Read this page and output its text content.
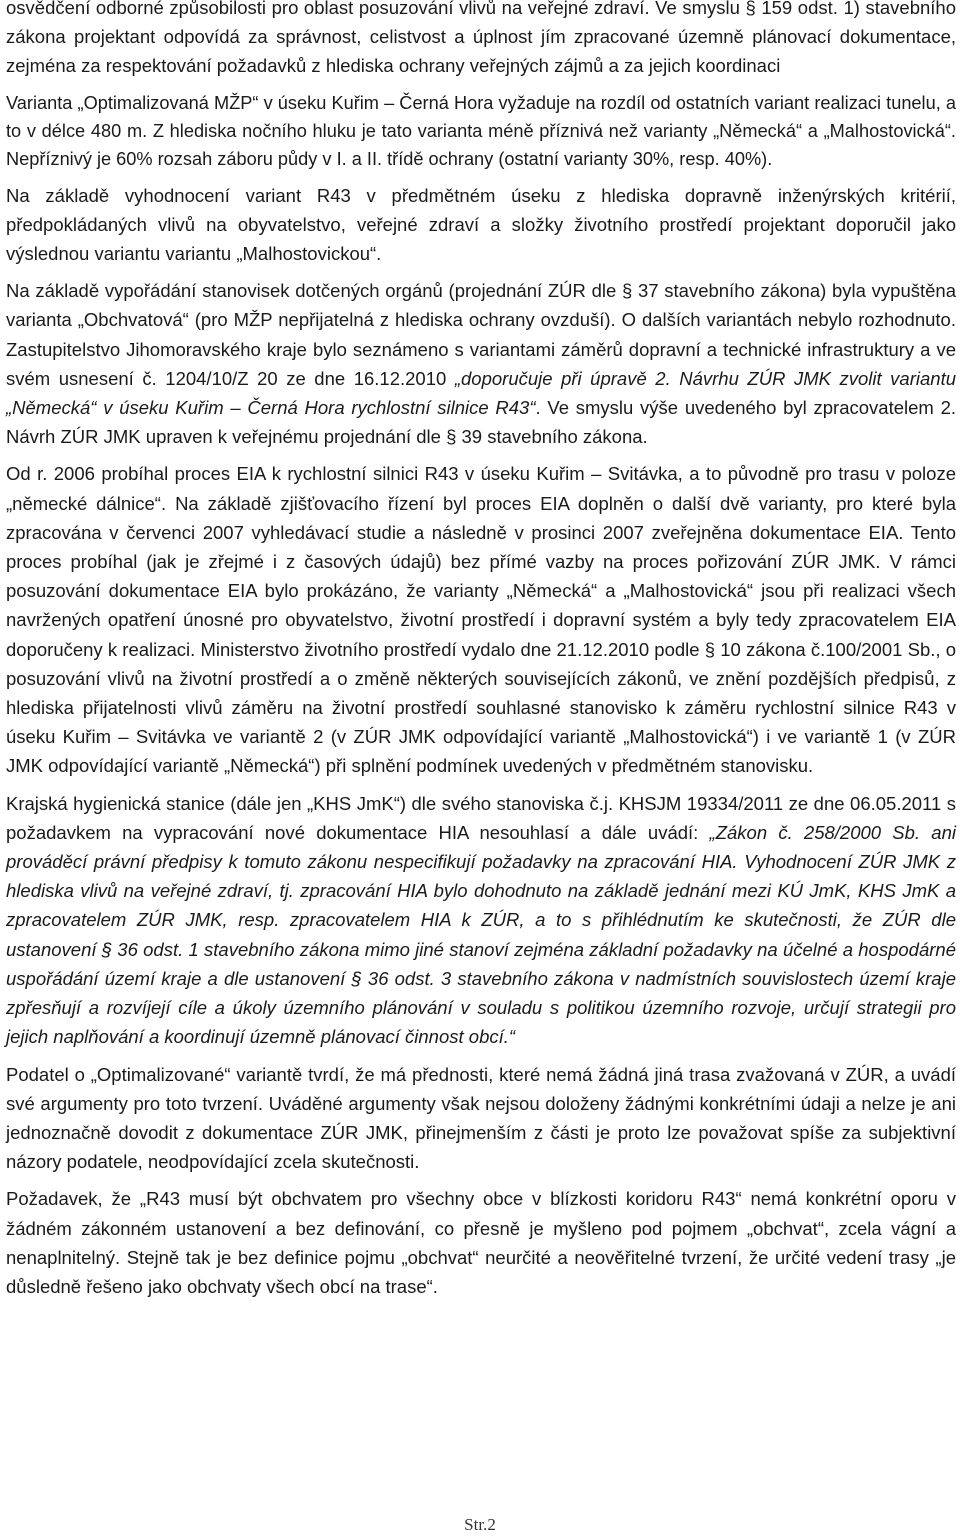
osvědčení odborné způsobilosti pro oblast posuzování vlivů na veřejné zdraví. Ve smyslu § 159 odst. 1) stavebního zákona projektant odpovídá za správnost, celistvost a úplnost jím zpracované územně plánovací dokumentace, zejména za respektování požadavků z hlediska ochrany veřejných zájmů a za jejich koordinaci

Varianta „Optimalizovaná MŽP“ v úseku Kuřim – Černá Hora vyžaduje na rozdíl od ostatních variant realizaci tunelu, a to v délce 480 m. Z hlediska nočního hluku je tato varianta méně příznivá než varianty „Německá“ a „Malhostovická“. Nepříznivý je 60% rozsah záboru půdy v I. a II. třídě ochrany (ostatní varianty 30%, resp. 40%).

Na základě vyhodnocení variant R43 v předmětném úseku z hlediska dopravně inženýrských kritérií, předpokládaných vlivů na obyvatelstvo, veřejné zdraví a složky životního prostředí projektant doporučil jako výslednou variantu variantu „Malhostovickou“.

Na základě vypořádání stanovisek dotčených orgánů (projednání ZÚR dle § 37 stavebního zákona) byla vypuštěna varianta „Obchvatová“ (pro MŽP nepřijatelná z hlediska ochrany ovzduší). O dalších variantách nebylo rozhodnuto. Zastupitelstvo Jihomoravského kraje bylo seznámeno s variantami záměrů dopravní a technické infrastruktury a ve svém usnesení č. 1204/10/Z 20 ze dne 16.12.2010 „doporučuje při úpravě 2. Návrhu ZÚR JMK zvolit variantu „Německá“ v úseku Kuřim – Černá Hora rychlostní silnice R43“. Ve smyslu výše uvedeného byl zpracovatelem 2. Návrh ZÚR JMK upraven k veřejnému projednání dle § 39 stavebního zákona.

Od r. 2006 probíhal proces EIA k rychlostní silnici R43 v úseku Kuřim – Svitávka, a to původně pro trasu v poloze „německé dálnice“. Na základě zjišťovacího řízení byl proces EIA doplněn o další dvě varianty, pro které byla zpracována v červenci 2007 vyhledávací studie a následně v prosinci 2007 zveřejněna dokumentace EIA. Tento proces probíhal (jak je zřejmé i z časových údajů) bez přímé vazby na proces pořizování ZÚR JMK. V rámci posuzování dokumentace EIA bylo prokázáno, že varianty „Německá“ a „Malhostovická“ jsou při realizaci všech navržených opatření únosné pro obyvatelstvo, životní prostředí i dopravní systém a byly tedy zpracovatelem EIA doporučeny k realizaci. Ministerstvo životního prostředí vydalo dne 21.12.2010 podle § 10 zákona č.100/2001 Sb., o posuzování vlivů na životní prostředí a o změně některých souvisejících zákonů, ve znění pozdějších předpisů, z hlediska přijatelnosti vlivů záměru na životní prostředí souhlasné stanovisko k záměru rychlostní silnice R43 v úseku Kuřim – Svitávka ve variantě 2 (v ZÚR JMK odpovídající variantě „Malhostovická“) i ve variantě 1 (v ZÚR JMK odpovídající variantě „Německá“) při splnění podmínek uvedených v předmětném stanovisku.

Krajská hygienická stanice (dále jen „KHS JmK“) dle svého stanoviska č.j. KHSJM 19334/2011 ze dne 06.05.2011 s požadavkem na vypracování nové dokumentace HIA nesouhlasí a dále uvádí: „Zákon č. 258/2000 Sb. ani prováděcí právní předpisy k tomuto zákonu nespecifikují požadavky na zpracování HIA. Vyhodnocení ZÚR JMK z hlediska vlivů na veřejné zdraví, tj. zpracování HIA bylo dohodnuto na základě jednání mezi KÚ JmK, KHS JmK a zpracovatelem ZÚR JMK, resp. zpracovatelem HIA k ZÚR, a to s přihlédnutím ke skutečnosti, že ZÚR dle ustanovení § 36 odst. 1 stavebního zákona mimo jiné stanoví zejména základní požadavky na účelné a hospodárné uspořádání území kraje a dle ustanovení § 36 odst. 3 stavebního zákona v nadmístních souvislostech území kraje zpřesňují a rozvíjejí cíle a úkoly územního plánování v souladu s politikou územního rozvoje, určují strategii pro jejich naplňování a koordinují územně plánovací činnost obcí.“

Podatel o „Optimalizované“ variantě tvrdí, že má přednosti, které nemá žádná jiná trasa zvažovaná v ZÚR, a uvádí své argumenty pro toto tvrzení. Uváděné argumenty však nejsou doloženy žádnými konkrétními údaji a nelze je ani jednoznačně dovodit z dokumentace ZÚR JMK, přinejmenším z části je proto lze považovat spíše za subjektivní názory podatele, neodpovídající zcela skutečnosti.

Požadavek, že „R43 musí být obchvatem pro všechny obce v blízkosti koridoru R43“ nemá konkrétní oporu v žádném zákonném ustanovení a bez definování, co přesně je myšleno pod pojmem „obchvat“, zcela vágní a nenaplnitelný. Stejně tak je bez definice pojmu „obchvat“ neurčité a neověřitelné tvrzení, že určité vedení trasy „je důsledně řešeno jako obchvaty všech obcí na trase“.

Str.2
